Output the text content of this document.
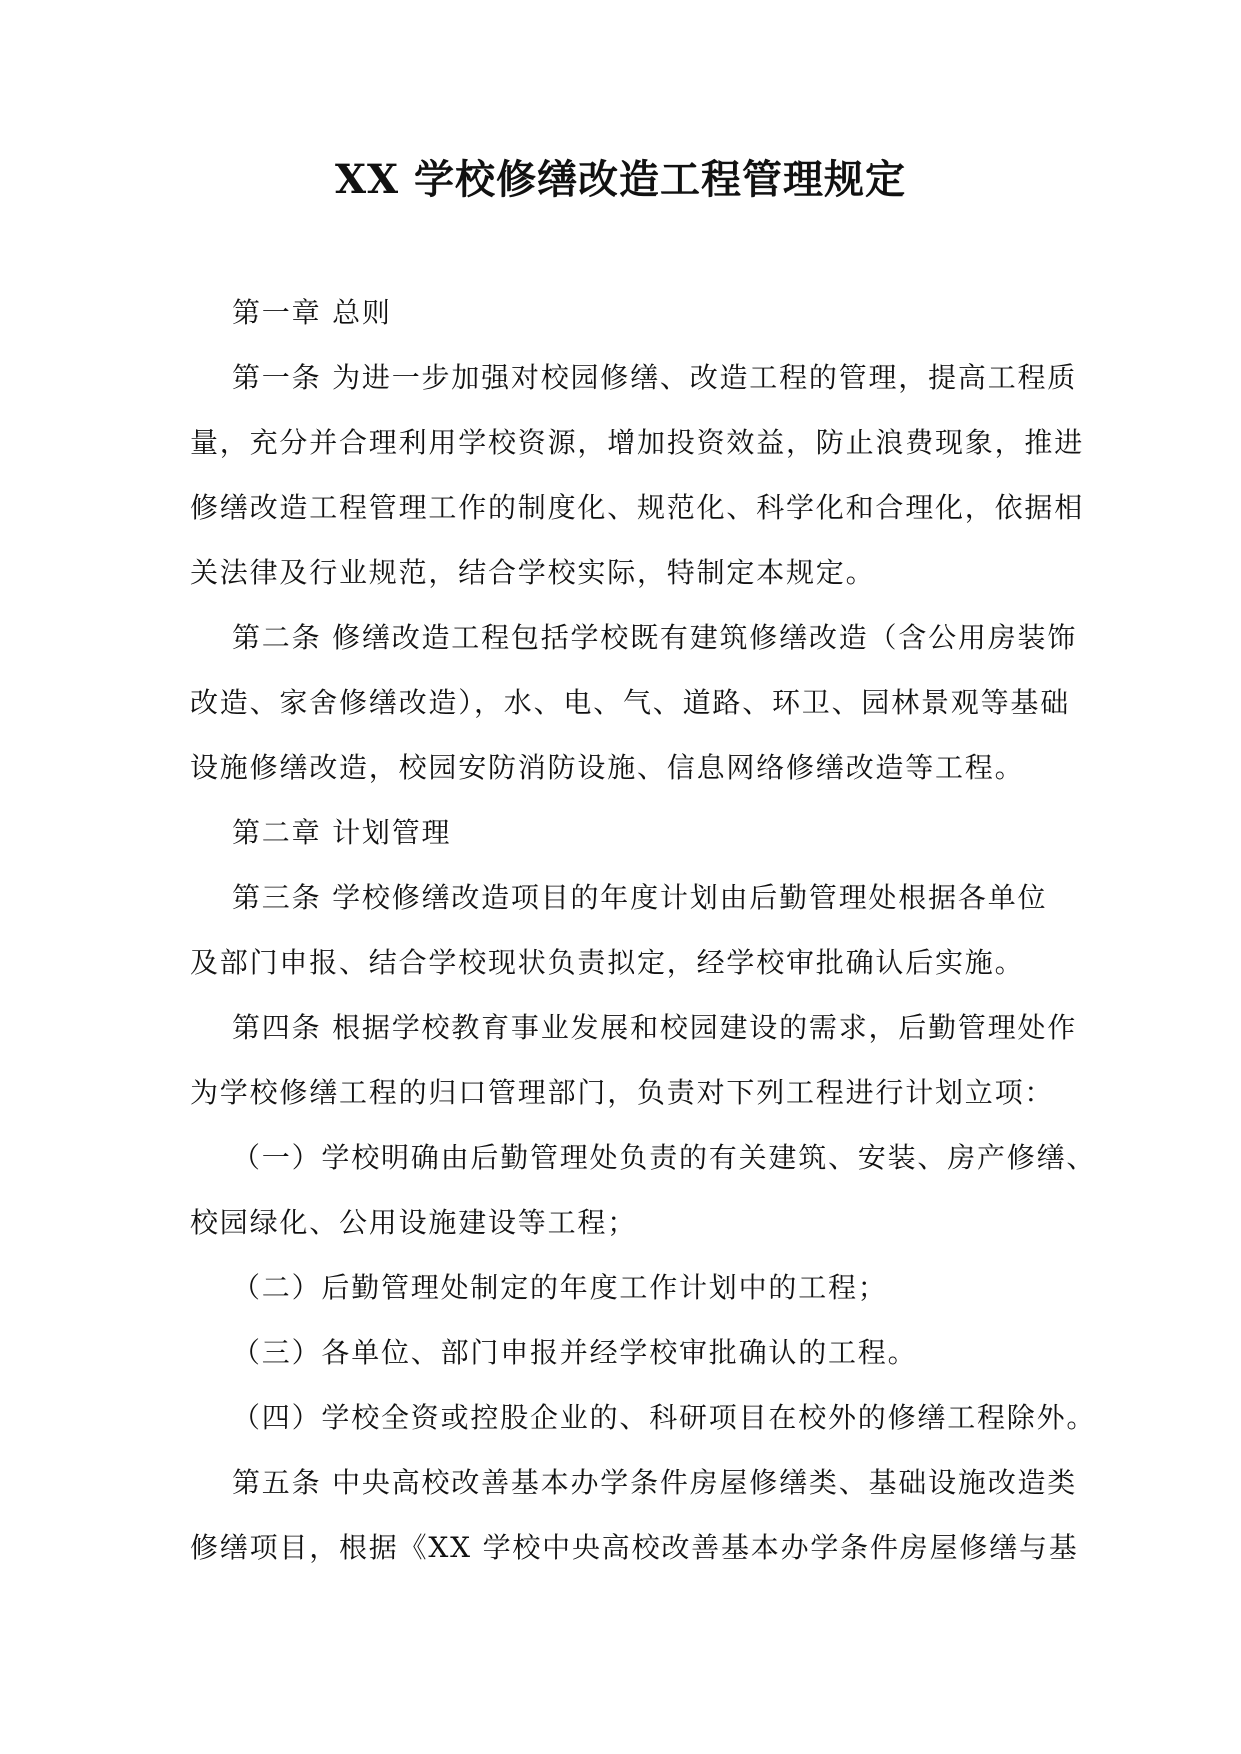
XX 学校修缮改造工程管理规定
第一章 总则
第一条 为进一步加强对校园修缮、改造工程的管理，提高工程质
量，充分并合理利用学校资源，增加投资效益，防止浪费现象，推进
修缮改造工程管理工作的制度化、规范化、科学化和合理化，依据相
关法律及行业规范，结合学校实际，特制定本规定。
第二条 修缮改造工程包括学校既有建筑修缮改造（含公用房装饰
改造、家舍修缮改造），水、电、气、道路、环卫、园林景观等基础
设施修缮改造，校园安防消防设施、信息网络修缮改造等工程。
第二章 计划管理
第三条 学校修缮改造项目的年度计划由后勤管理处根据各单位
及部门申报、结合学校现状负责拟定，经学校审批确认后实施。
第四条 根据学校教育事业发展和校园建设的需求，后勤管理处作
为学校修缮工程的归口管理部门，负责对下列工程进行计划立项：
（一）学校明确由后勤管理处负责的有关建筑、安装、房产修缮、
校园绿化、公用设施建设等工程；
（二）后勤管理处制定的年度工作计划中的工程；
（三）各单位、部门申报并经学校审批确认的工程。
（四）学校全资或控股企业的、科研项目在校外的修缮工程除外。
第五条 中央高校改善基本办学条件房屋修缮类、基础设施改造类
修缮项目，根据《XX 学校中央高校改善基本办学条件房屋修缮与基
